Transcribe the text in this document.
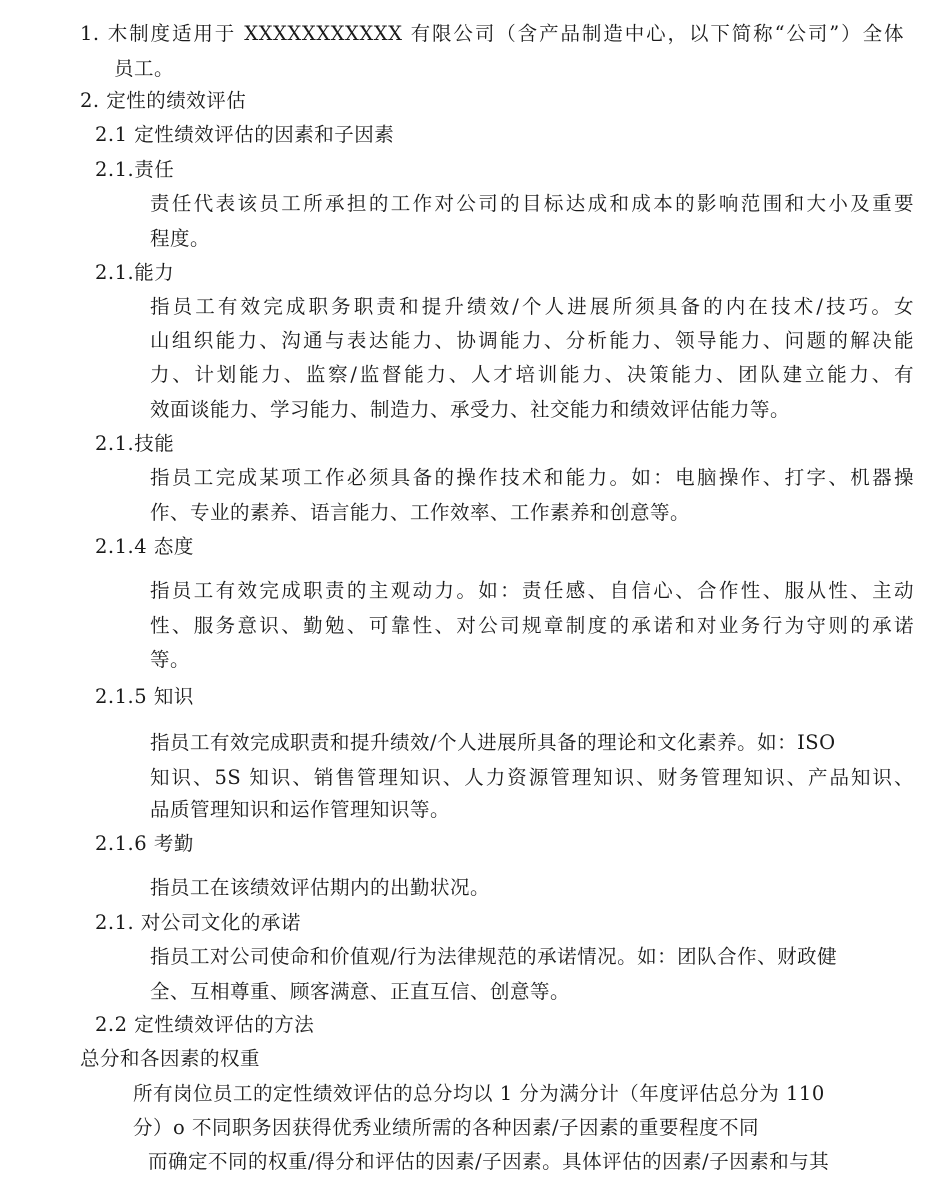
1. 木制度适用于 XXXXXXXXXXX 有限公司（含产品制造中心，以下简称“公司”）全体
员工。
2. 定性的绩效评估
2.1 定性绩效评估的因素和子因素
2.1.责任
责任代表该员工所承担的工作对公司的目标达成和成本的影响范围和大小及重要
程度。
2.1.能力
指员工有效完成职务职责和提升绩效/个人进展所须具备的内在技术/技巧。女
山组织能力、沟通与表达能力、协调能力、分析能力、领导能力、问题的解决能
力、计划能力、监察/监督能力、人才培训能力、决策能力、团队建立能力、有
效面谈能力、学习能力、制造力、承受力、社交能力和绩效评估能力等。
2.1.技能
指员工完成某项工作必须具备的操作技术和能力。如：电脑操作、打字、机器操
作、专业的素养、语言能力、工作效率、工作素养和创意等。
2.1.4 态度
指员工有效完成职责的主观动力。如：责任感、自信心、合作性、服从性、主动
性、服务意识、勤勉、可靠性、对公司规章制度的承诺和对业务行为守则的承诺
等。
2.1.5 知识
指员工有效完成职责和提升绩效/个人进展所具备的理论和文化素养。如：ISO
知识、5S 知识、销售管理知识、人力资源管理知识、财务管理知识、产品知识、
品质管理知识和运作管理知识等。
2.1.6 考勤
指员工在该绩效评估期内的出勤状况。
2.1. 对公司文化的承诺
指员工对公司使命和价值观/行为法律规范的承诺情况。如：团队合作、财政健
全、互相尊重、顾客满意、正直互信、创意等。
2.2 定性绩效评估的方法
总分和各因素的权重
所有岗位员工的定性绩效评估的总分均以 1 分为满分计（年度评估总分为 110
分）o 不同职务因获得优秀业绩所需的各种因素/子因素的重要程度不同
而确定不同的权重/得分和评估的因素/子因素。具体评估的因素/子因素和与其
